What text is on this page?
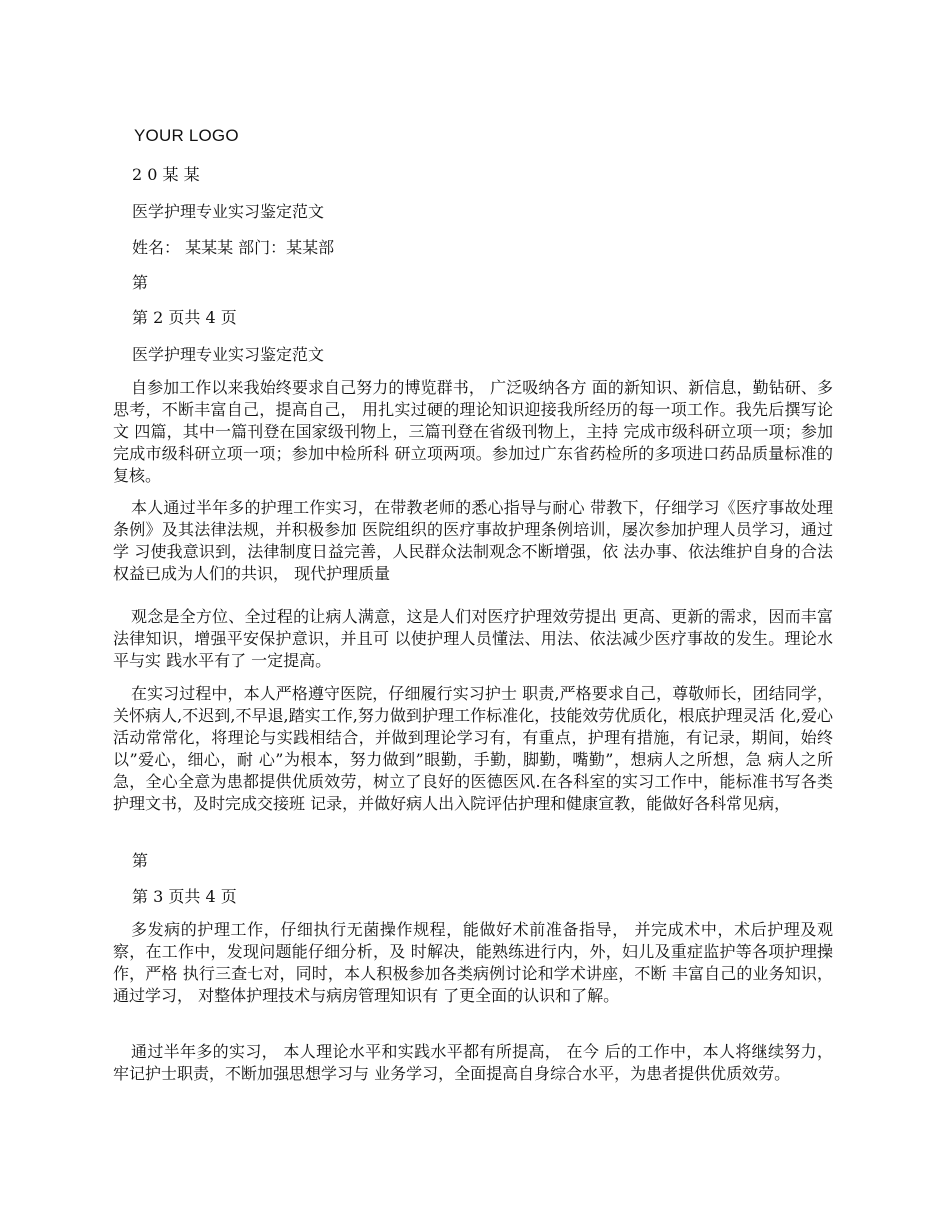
YOUR LOGO
2 0 某 某
医学护理专业实习鉴定范文
姓名： 某某某 部门：某某部
第
第 2 页共 4 页
医学护理专业实习鉴定范文
自参加工作以来我始终要求自己努力的博览群书， 广泛吸纳各方 面的新知识、新信息，勤钻研、多思考，不断丰富自己，提高自己， 用扎实过硬的理论知识迎接我所经历的每一项工作。我先后撰写论文 四篇，其中一篇刊登在国家级刊物上，三篇刊登在省级刊物上，主持 完成市级科研立项一项；参加完成市级科研立项一项；参加中检所科 研立项两项。参加过广东省药检所的多项进口药品质量标准的复核。
本人通过半年多的护理工作实习，在带教老师的悉心指导与耐心 带教下，仔细学习《医疗事故处理条例》及其法律法规，并积极参加 医院组织的医疗事故护理条例培训，屡次参加护理人员学习，通过学 习使我意识到，法律制度日益完善，人民群众法制观念不断增强，依 法办事、依法维护自身的合法权益已成为人们的共识， 现代护理质量
观念是全方位、全过程的让病人满意，这是人们对医疗护理效劳提出 更高、更新的需求，因而丰富法律知识，增强平安保护意识，并且可 以使护理人员懂法、用法、依法减少医疗事故的发生。理论水平与实 践水平有了 一定提高。
在实习过程中，本人严格遵守医院，仔细履行实习护士 职责,严格要求自己，尊敬师长，团结同学，关怀病人,不迟到,不早退,踏实工作,努力做到护理工作标准化，技能效劳优质化，根底护理灵活 化,爱心活动常常化，将理论与实践相结合，并做到理论学习有，有重点，护理有措施，有记录，期间，始终以”爱心，细心，耐 心”为根本，努力做到”眼勤，手勤，脚勤，嘴勤”，想病人之所想，急 病人之所急，全心全意为患都提供优质效劳，树立了良好的医德医风.在各科室的实习工作中，能标准书写各类护理文书，及时完成交接班 记录，并做好病人出入院评估护理和健康宣教，能做好各科常见病，
第
第 3 页共 4 页
多发病的护理工作，仔细执行无菌操作规程，能做好术前准备指导， 并完成术中，术后护理及观察，在工作中，发现问题能仔细分析，及 时解决，能熟练进行内，外，妇儿及重症监护等各项护理操作，严格 执行三查七对，同时，本人积极参加各类病例讨论和学术讲座，不断 丰富自己的业务知识， 通过学习， 对整体护理技术与病房管理知识有 了更全面的认识和了解。
通过半年多的实习， 本人理论水平和实践水平都有所提高， 在今 后的工作中，本人将继续努力，牢记护士职责，不断加强思想学习与 业务学习，全面提高自身综合水平，为患者提供优质效劳。
